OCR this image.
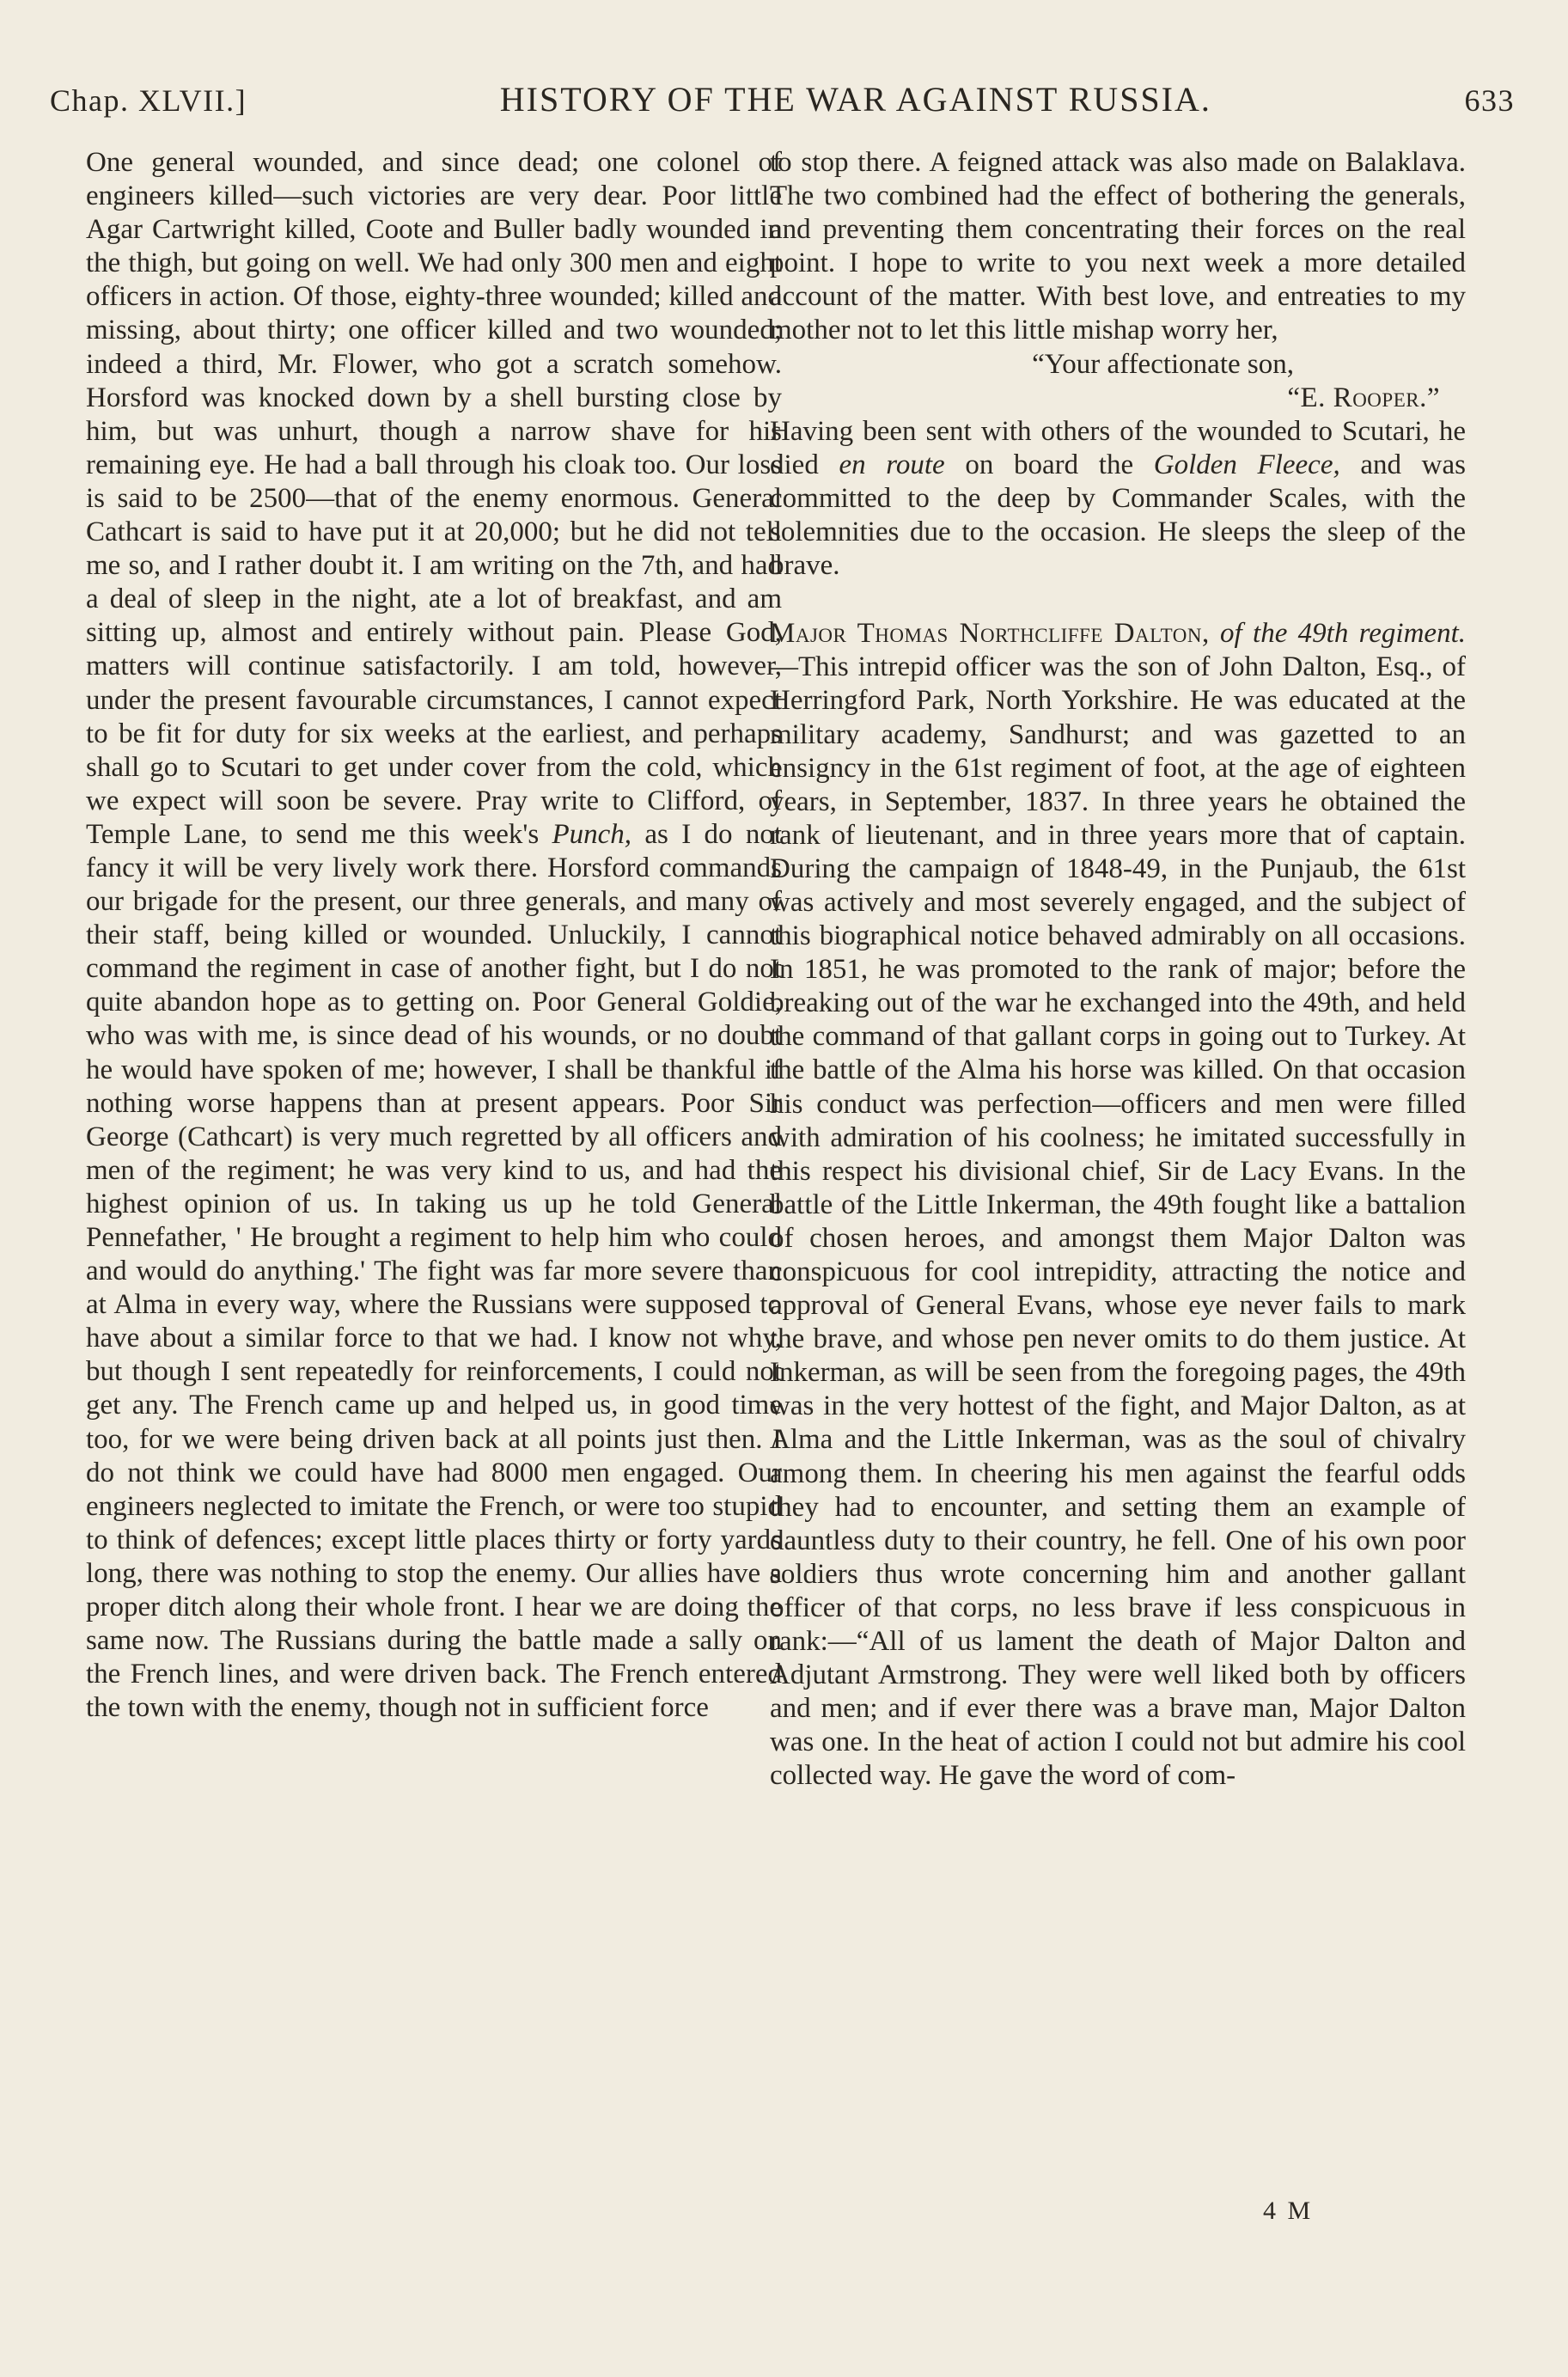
Chap. XLVII.]	HISTORY OF THE WAR AGAINST RUSSIA.	633

One general wounded, and since dead; one colonel of engineers killed—such victories are very dear. Poor little Agar Cartwright killed, Coote and Buller badly wounded in the thigh, but going on well. We had only 300 men and eight officers in action. Of those, eighty-three wounded; killed and missing, about thirty; one officer killed and two wounded; indeed a third, Mr. Flower, who got a scratch somehow. Horsford was knocked down by a shell bursting close by him, but was unhurt, though a narrow shave for his remaining eye. He had a ball through his cloak too. Our loss is said to be 2500—that of the enemy enormous. General Cathcart is said to have put it at 20,000; but he did not tell me so, and I rather doubt it. I am writing on the 7th, and had a deal of sleep in the night, ate a lot of breakfast, and am sitting up, almost and entirely without pain. Please God, matters will continue satisfactorily. I am told, however, under the present favourable circumstances, I cannot expect to be fit for duty for six weeks at the earliest, and perhaps shall go to Scutari to get under cover from the cold, which we expect will soon be severe. Pray write to Clifford, of Temple Lane, to send me this week's Punch, as I do not fancy it will be very lively work there. Horsford commands our brigade for the present, our three generals, and many of their staff, being killed or wounded. Unluckily, I cannot command the regiment in case of another fight, but I do not quite abandon hope as to getting on. Poor General Goldie, who was with me, is since dead of his wounds, or no doubt he would have spoken of me; however, I shall be thankful if nothing worse happens than at present appears. Poor Sir George (Cathcart) is very much regretted by all officers and men of the regiment; he was very kind to us, and had the highest opinion of us. In taking us up he told General Pennefather, ' He brought a regiment to help him who could and would do anything.' The fight was far more severe than at Alma in every way, where the Russians were supposed to have about a similar force to that we had. I know not why, but though I sent repeatedly for reinforcements, I could not get any. The French came up and helped us, in good time too, for we were being driven back at all points just then. I do not think we could have had 8000 men engaged. Our engineers neglected to imitate the French, or were too stupid to think of defences; except little places thirty or forty yards long, there was nothing to stop the enemy. Our allies have a proper ditch along their whole front. I hear we are doing the same now. The Russians during the battle made a sally on the French lines, and were driven back. The French entered the town with the enemy, though not in sufficient force

to stop there. A feigned attack was also made on Balaklava. The two combined had the effect of bothering the generals, and preventing them concentrating their forces on the real point. I hope to write to you next week a more detailed account of the matter. With best love, and entreaties to my mother not to let this little mishap worry her,

“Your affectionate son,

“E. Rooper.”

Having been sent with others of the wounded to Scutari, he died en route on board the Golden Fleece, and was committed to the deep by Commander Scales, with the solemnities due to the occasion. He sleeps the sleep of the brave.

Major Thomas Northcliffe Dalton, of the 49th regiment.—This intrepid officer was the son of John Dalton, Esq., of Herringford Park, North Yorkshire. He was educated at the military academy, Sandhurst; and was gazetted to an ensigncy in the 61st regiment of foot, at the age of eighteen years, in September, 1837. In three years he obtained the rank of lieutenant, and in three years more that of captain. During the campaign of 1848-49, in the Punjaub, the 61st was actively and most severely engaged, and the subject of this biographical notice behaved admirably on all occasions. In 1851, he was promoted to the rank of major; before the breaking out of the war he exchanged into the 49th, and held the command of that gallant corps in going out to Turkey. At the battle of the Alma his horse was killed. On that occasion his conduct was perfection—officers and men were filled with admiration of his coolness; he imitated successfully in this respect his divisional chief, Sir de Lacy Evans. In the battle of the Little Inkerman, the 49th fought like a battalion of chosen heroes, and amongst them Major Dalton was conspicuous for cool intrepidity, attracting the notice and approval of General Evans, whose eye never fails to mark the brave, and whose pen never omits to do them justice. At Inkerman, as will be seen from the foregoing pages, the 49th was in the very hottest of the fight, and Major Dalton, as at Alma and the Little Inkerman, was as the soul of chivalry among them. In cheering his men against the fearful odds they had to encounter, and setting them an example of dauntless duty to their country, he fell. One of his own poor soldiers thus wrote concerning him and another gallant officer of that corps, no less brave if less conspicuous in rank:—“All of us lament the death of Major Dalton and Adjutant Armstrong. They were well liked both by officers and men; and if ever there was a brave man, Major Dalton was one. In the heat of action I could not but admire his cool collected way. He gave the word of com-

4 M
